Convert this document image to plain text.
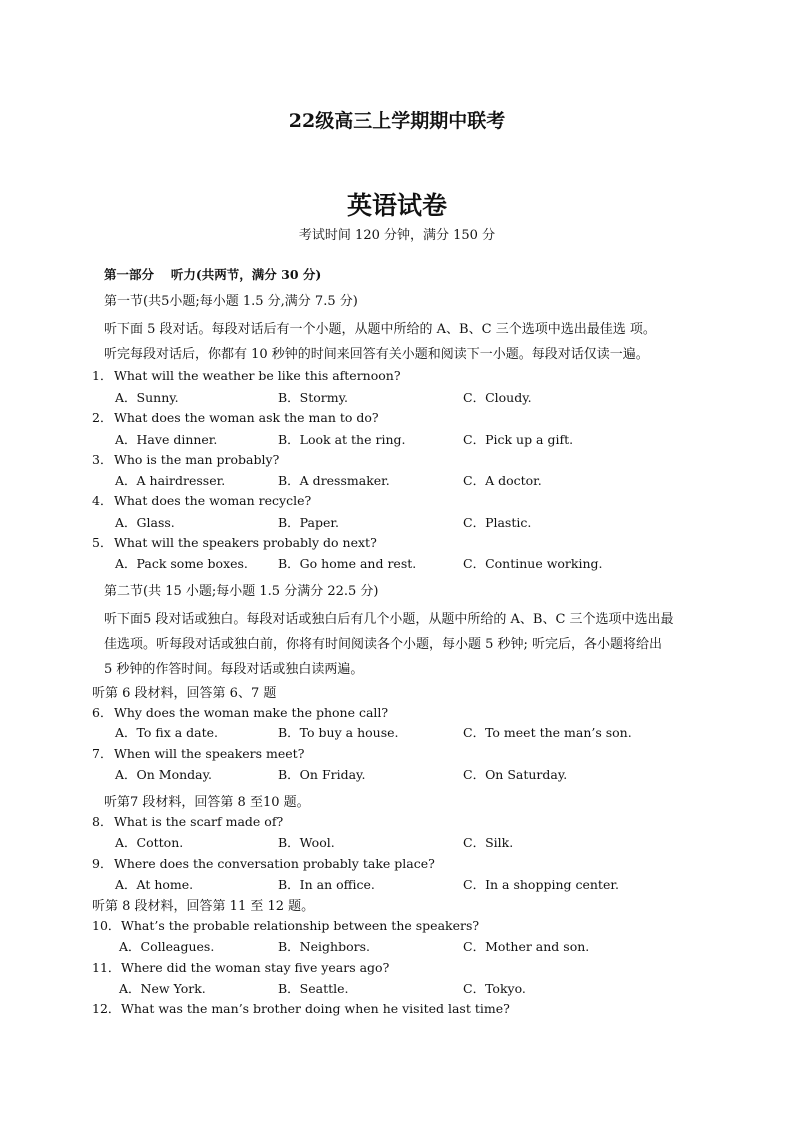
22级高三上学期期中联考
英语试卷
考试时间 120 分钟，满分 150 分
第一部分　 听力(共两节，满分 30 分)
第一节(共5小题;每小题 1.5 分,满分 7.5 分)
听下面 5 段对话。每段对话后有一个小题，从题中所给的 A、B、C 三个选项中选出最佳选 项。
听完每段对话后，你都有 10 秒钟的时间来回答有关小题和阅读下一小题。每段对话仅读一遍。
1． What will the weather be like this afternoon?
A．Sunny.	B．Stormy.	C．Cloudy.
2． What does the woman ask the man to do?
A．Have dinner.	B．Look at the ring.	C．Pick up a gift.
3． Who is the man probably?
A．A hairdresser.	B．A dressmaker.	C．A doctor.
4． What does the woman recycle?
A．Glass.	B．Paper.	C．Plastic.
5． What will the speakers probably do next?
A．Pack some boxes. B．Go home and rest.	C．Continue working.
第二节(共 15 小题;每小题 1.5 分满分 22.5 分)
听下面5 段对话或独白。每段对话或独白后有几个小题，从题中所给的 A、B、C 三个选项中选出最
佳选项。听每段对话或独白前，你将有时间阅读各个小题，每小题 5 秒钟; 听完后，各小题将给出
5 秒钟的作答时间。每段对话或独白读两遍。
听第 6 段材料，回答第 6、7 题
6． Why does the woman make the phone call?
A．To fix a date.	B．To buy a house.	C．To meet the man’s son.
7． When will the speakers meet?
A．On Monday.	B．On Friday.	C．On Saturday.
听第7 段材料，回答第 8 至10 题。
8． What is the scarf made of?
A．Cotton.	B．Wool.	C．Silk.
9． Where does the conversation probably take place?
A．At home.	B．In an office.	C．In a shopping center.
听第 8 段材料，回答第 11 至 12 题。
10．What’s the probable relationship between the speakers?
A．Colleagues.	B．Neighbors.	C．Mother and son.
11．Where did the woman stay five years ago?
A．New York.	B．Seattle.	C．Tokyo.
12．What was the man’s brother doing when he visited last time?
